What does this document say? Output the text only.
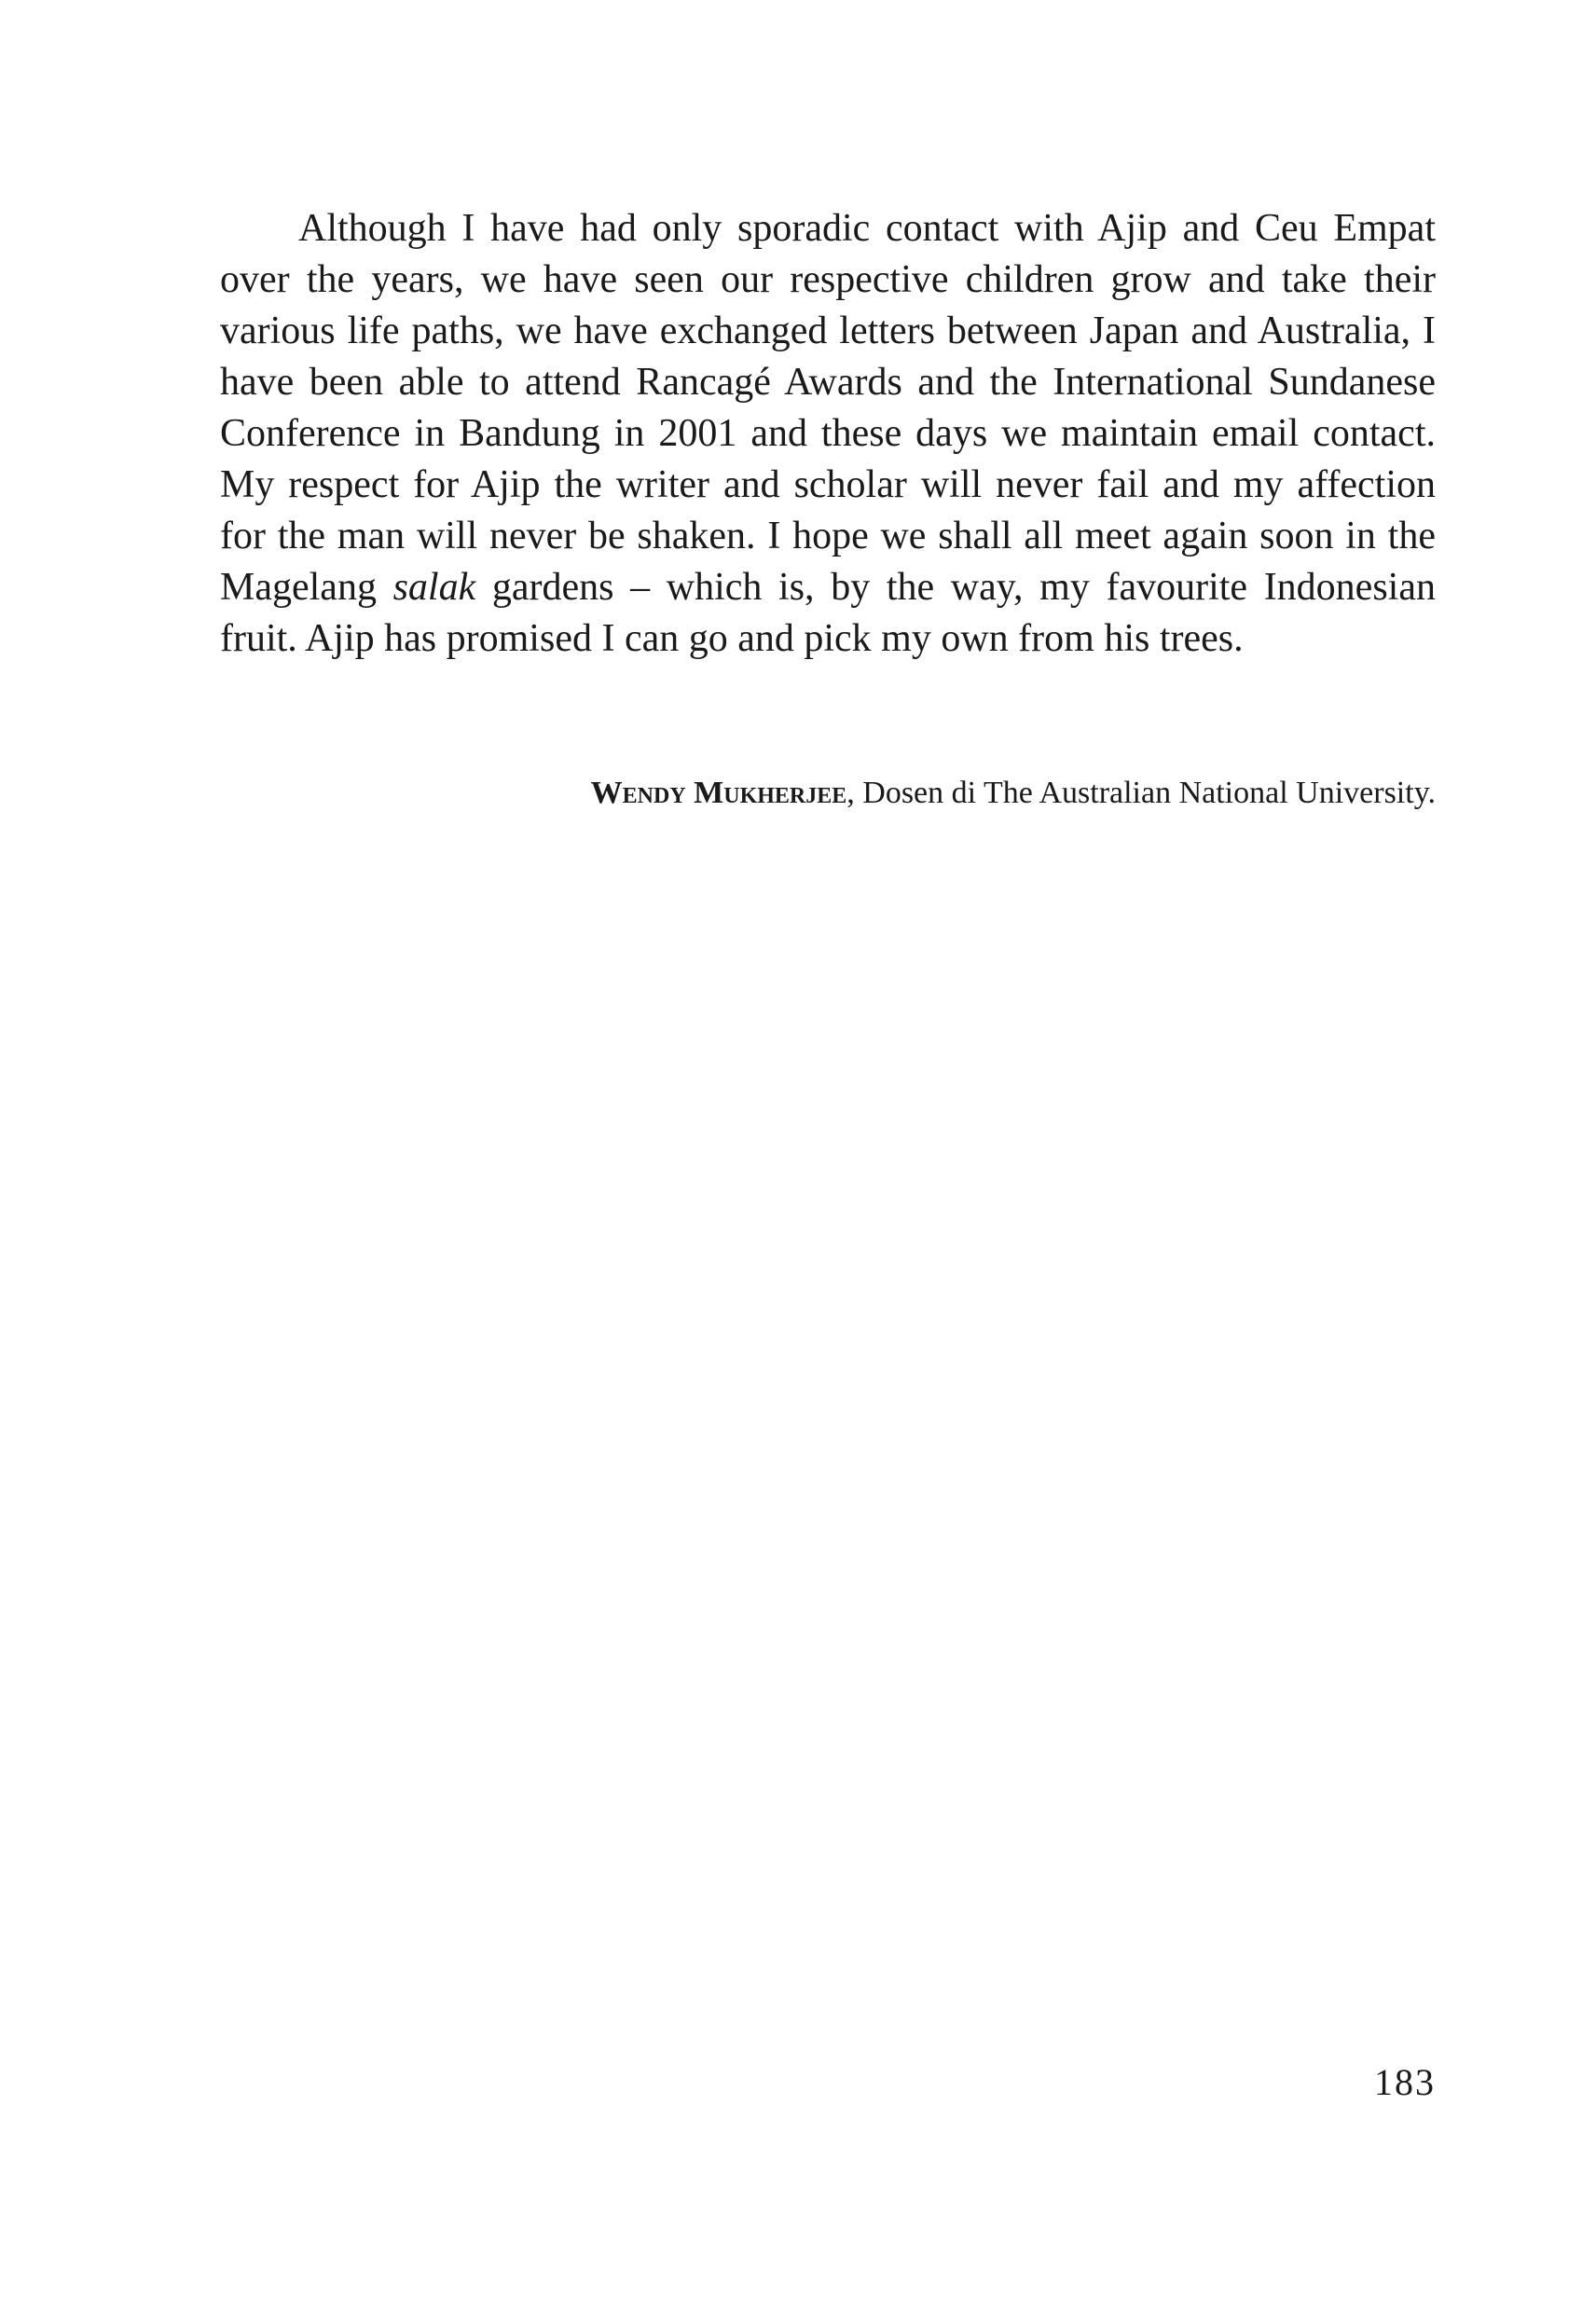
Although I have had only sporadic contact with Ajip and Ceu Empat over the years, we have seen our respective children grow and take their various life paths, we have exchanged letters between Japan and Australia, I have been able to attend Rancagé Awards and the International Sundanese Conference in Bandung in 2001 and these days we maintain email contact. My respect for Ajip the writer and scholar will never fail and my affection for the man will never be shaken. I hope we shall all meet again soon in the Magelang salak gardens – which is, by the way, my favourite Indonesian fruit. Ajip has promised I can go and pick my own from his trees.

Wendy Mukherjee, Dosen di The Australian National University.

183
